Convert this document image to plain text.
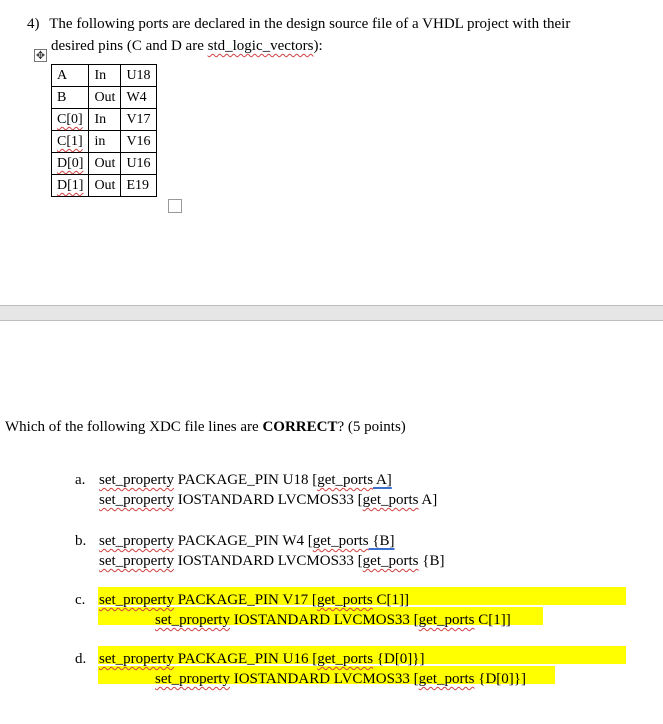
4) The following ports are declared in the design source file of a VHDL project with their
desired pins (C and D are std_logic_vectors):
✥
A	In	U18
B	Out	W4
C[0]	In	V17
C[1]	in	V16
D[0]	Out	U16
D[1]	Out	E19
Which of the following XDC file lines are CORRECT? (5 points)
a. set_property PACKAGE_PIN U18 [get_ports A]
set_property IOSTANDARD LVCMOS33 [get_ports A]
b. set_property PACKAGE_PIN W4 [get_ports {B]
set_property IOSTANDARD LVCMOS33 [get_ports {B]
c. set_property PACKAGE_PIN V17 [get_ports C[1]]
set_property IOSTANDARD LVCMOS33 [get_ports C[1]]
d. set_property PACKAGE_PIN U16 [get_ports {D[0]}]
set_property IOSTANDARD LVCMOS33 [get_ports {D[0]}]
